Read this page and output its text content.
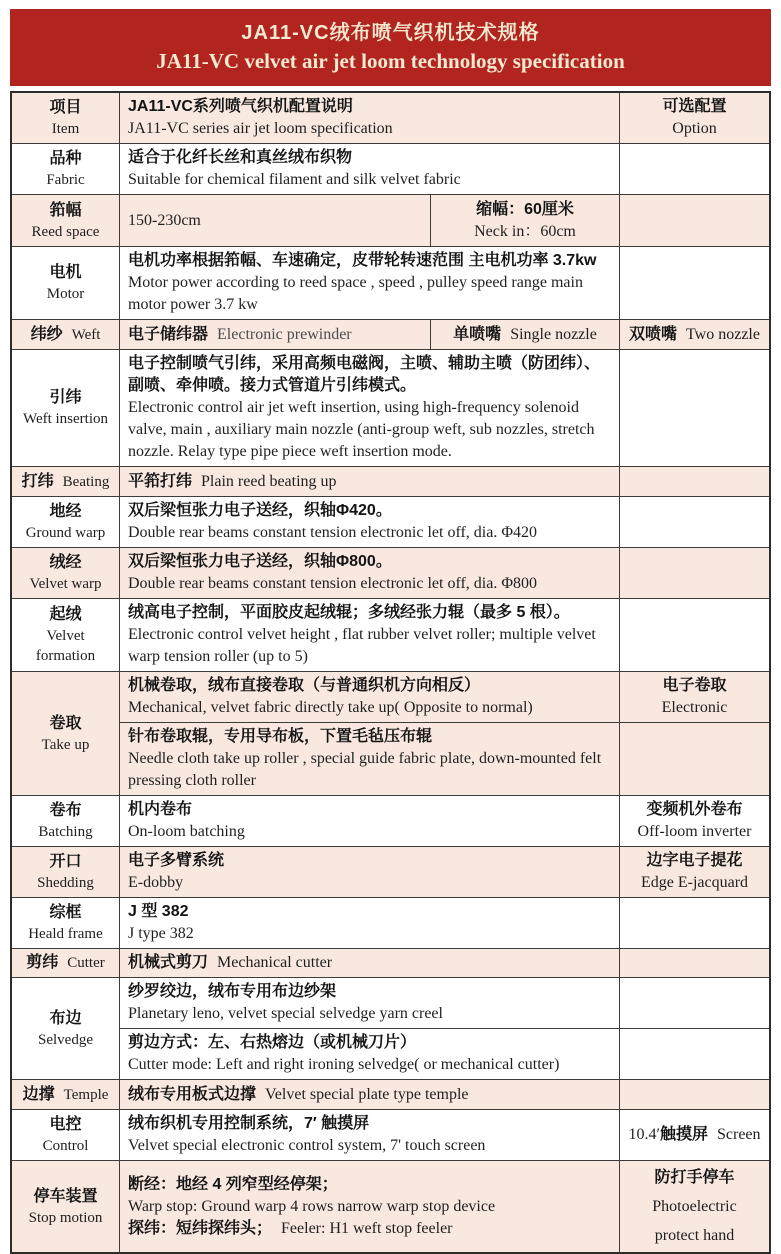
JA11-VC绒布喷气织机技术规格
JA11-VC velvet air jet loom technology specification
项目
Item
JA11-VC系列喷气织机配置说明
JA11-VC series air jet loom specification
可选配置
Option
品种
Fabric
适合于化纤长丝和真丝绒布织物
Suitable for chemical filament and silk velvet fabric
筘幅
Reed space
150-230cm
缩幅：60厘米
Neck in：60cm
电机
Motor
电机功率根据筘幅、车速确定，皮带轮转速范围 主电机功率 3.7kw
Motor power according to reed space , speed , pulley speed range main motor power 3.7 kw
纬纱 Weft 电子储纬器 Electronic prewinder	单喷嘴 Single nozzle 双喷嘴 Two nozzle
引纬
Weft insertion
电子控制喷气引纬，采用高频电磁阀，主喷、辅助主喷（防团纬）、副喷、牵伸喷。接力式管道片引纬模式。
Electronic control air jet weft insertion, using high-frequency solenoid valve, main , auxiliary main nozzle (anti-group weft, sub nozzles, stretch nozzle. Relay type pipe piece weft insertion mode.
打纬 Beating 平筘打纬 Plain reed beating up
地经
Ground warp
双后梁恒张力电子送经，织轴Φ420。
Double rear beams constant tension electronic let off, dia. Φ420
绒经
Velvet warp
双后梁恒张力电子送经，织轴Φ800。
Double rear beams constant tension electronic let off, dia. Φ800
起绒
Velvet formation
绒高电子控制，平面胶皮起绒辊；多绒经张力辊（最多 5 根）。
Electronic control velvet height , flat rubber velvet roller; multiple velvet warp tension roller (up to 5)
卷取
Take up
机械卷取，绒布直接卷取（与普通织机方向相反）
Mechanical, velvet fabric directly take up( Opposite to normal)
电子卷取
Electronic
针布卷取辊，专用导布板，下置毛毡压布辊
Needle cloth take up roller , special guide fabric plate, down-mounted felt pressing cloth roller
卷布
Batching
机内卷布
On-loom batching
变频机外卷布
Off-loom inverter
开口
Shedding
电子多臂系统
E-dobby
边字电子提花
Edge E-jacquard
综框
Heald frame
J 型 382
J type 382
剪纬 Cutter 机械式剪刀 Mechanical cutter
布边
Selvedge
纱罗绞边，绒布专用布边纱架
Planetary leno, velvet special selvedge yarn creel
剪边方式：左、右热熔边（或机械刀片）
Cutter mode: Left and right ironing selvedge( or mechanical cutter)
边撑 Temple 绒布专用板式边撑 Velvet special plate type temple
电控
Control
绒布织机专用控制系统，7′ 触摸屏
Velvet special electronic control system, 7' touch screen
10.4′触摸屏 Screen
停车装置
Stop motion
断经：地经 4 列窄型经停架；
Warp stop: Ground warp 4 rows narrow warp stop device
探纬：短纬探纬头； Feeler: H1 weft stop feeler
防打手停车
Photoelectric
protect hand
